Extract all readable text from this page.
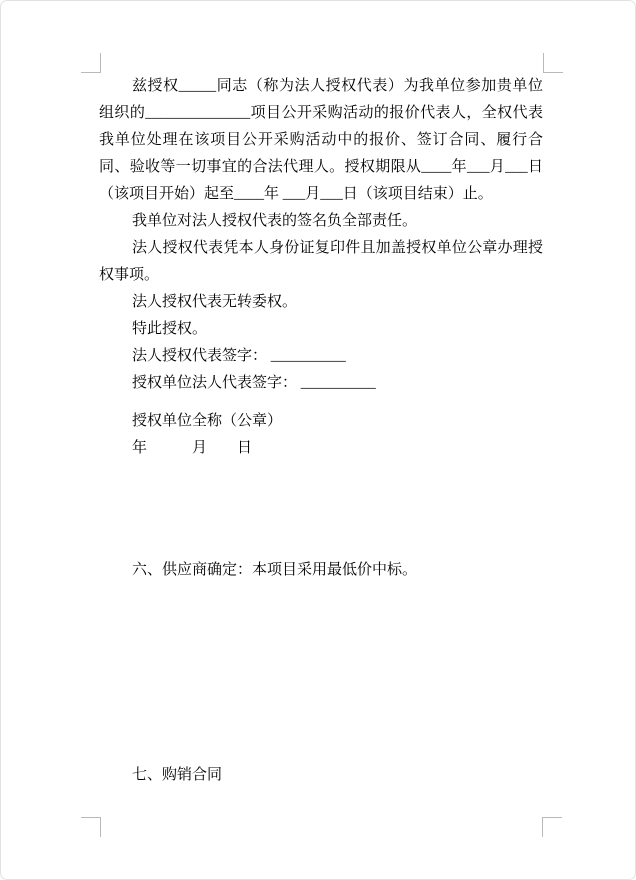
兹授权_____同志（称为法人授权代表）为我单位参加贵单位组织的______________项目公开采购活动的报价代表人，全权代表我单位处理在该项目公开采购活动中的报价、签订合同、履行合同、验收等一切事宜的合法代理人。授权期限从____年___月___日（该项目开始）起至____年 ___月___日（该项目结束）止。

我单位对法人授权代表的签名负全部责任。

法人授权代表凭本人身份证复印件且加盖授权单位公章办理授权事项。

法人授权代表无转委权。

特此授权。

法人授权代表签字： __________

授权单位法人代表签字： __________

授权单位全称（公章）

年　　　月　　日

六、供应商确定：本项目采用最低价中标。

七、购销合同
